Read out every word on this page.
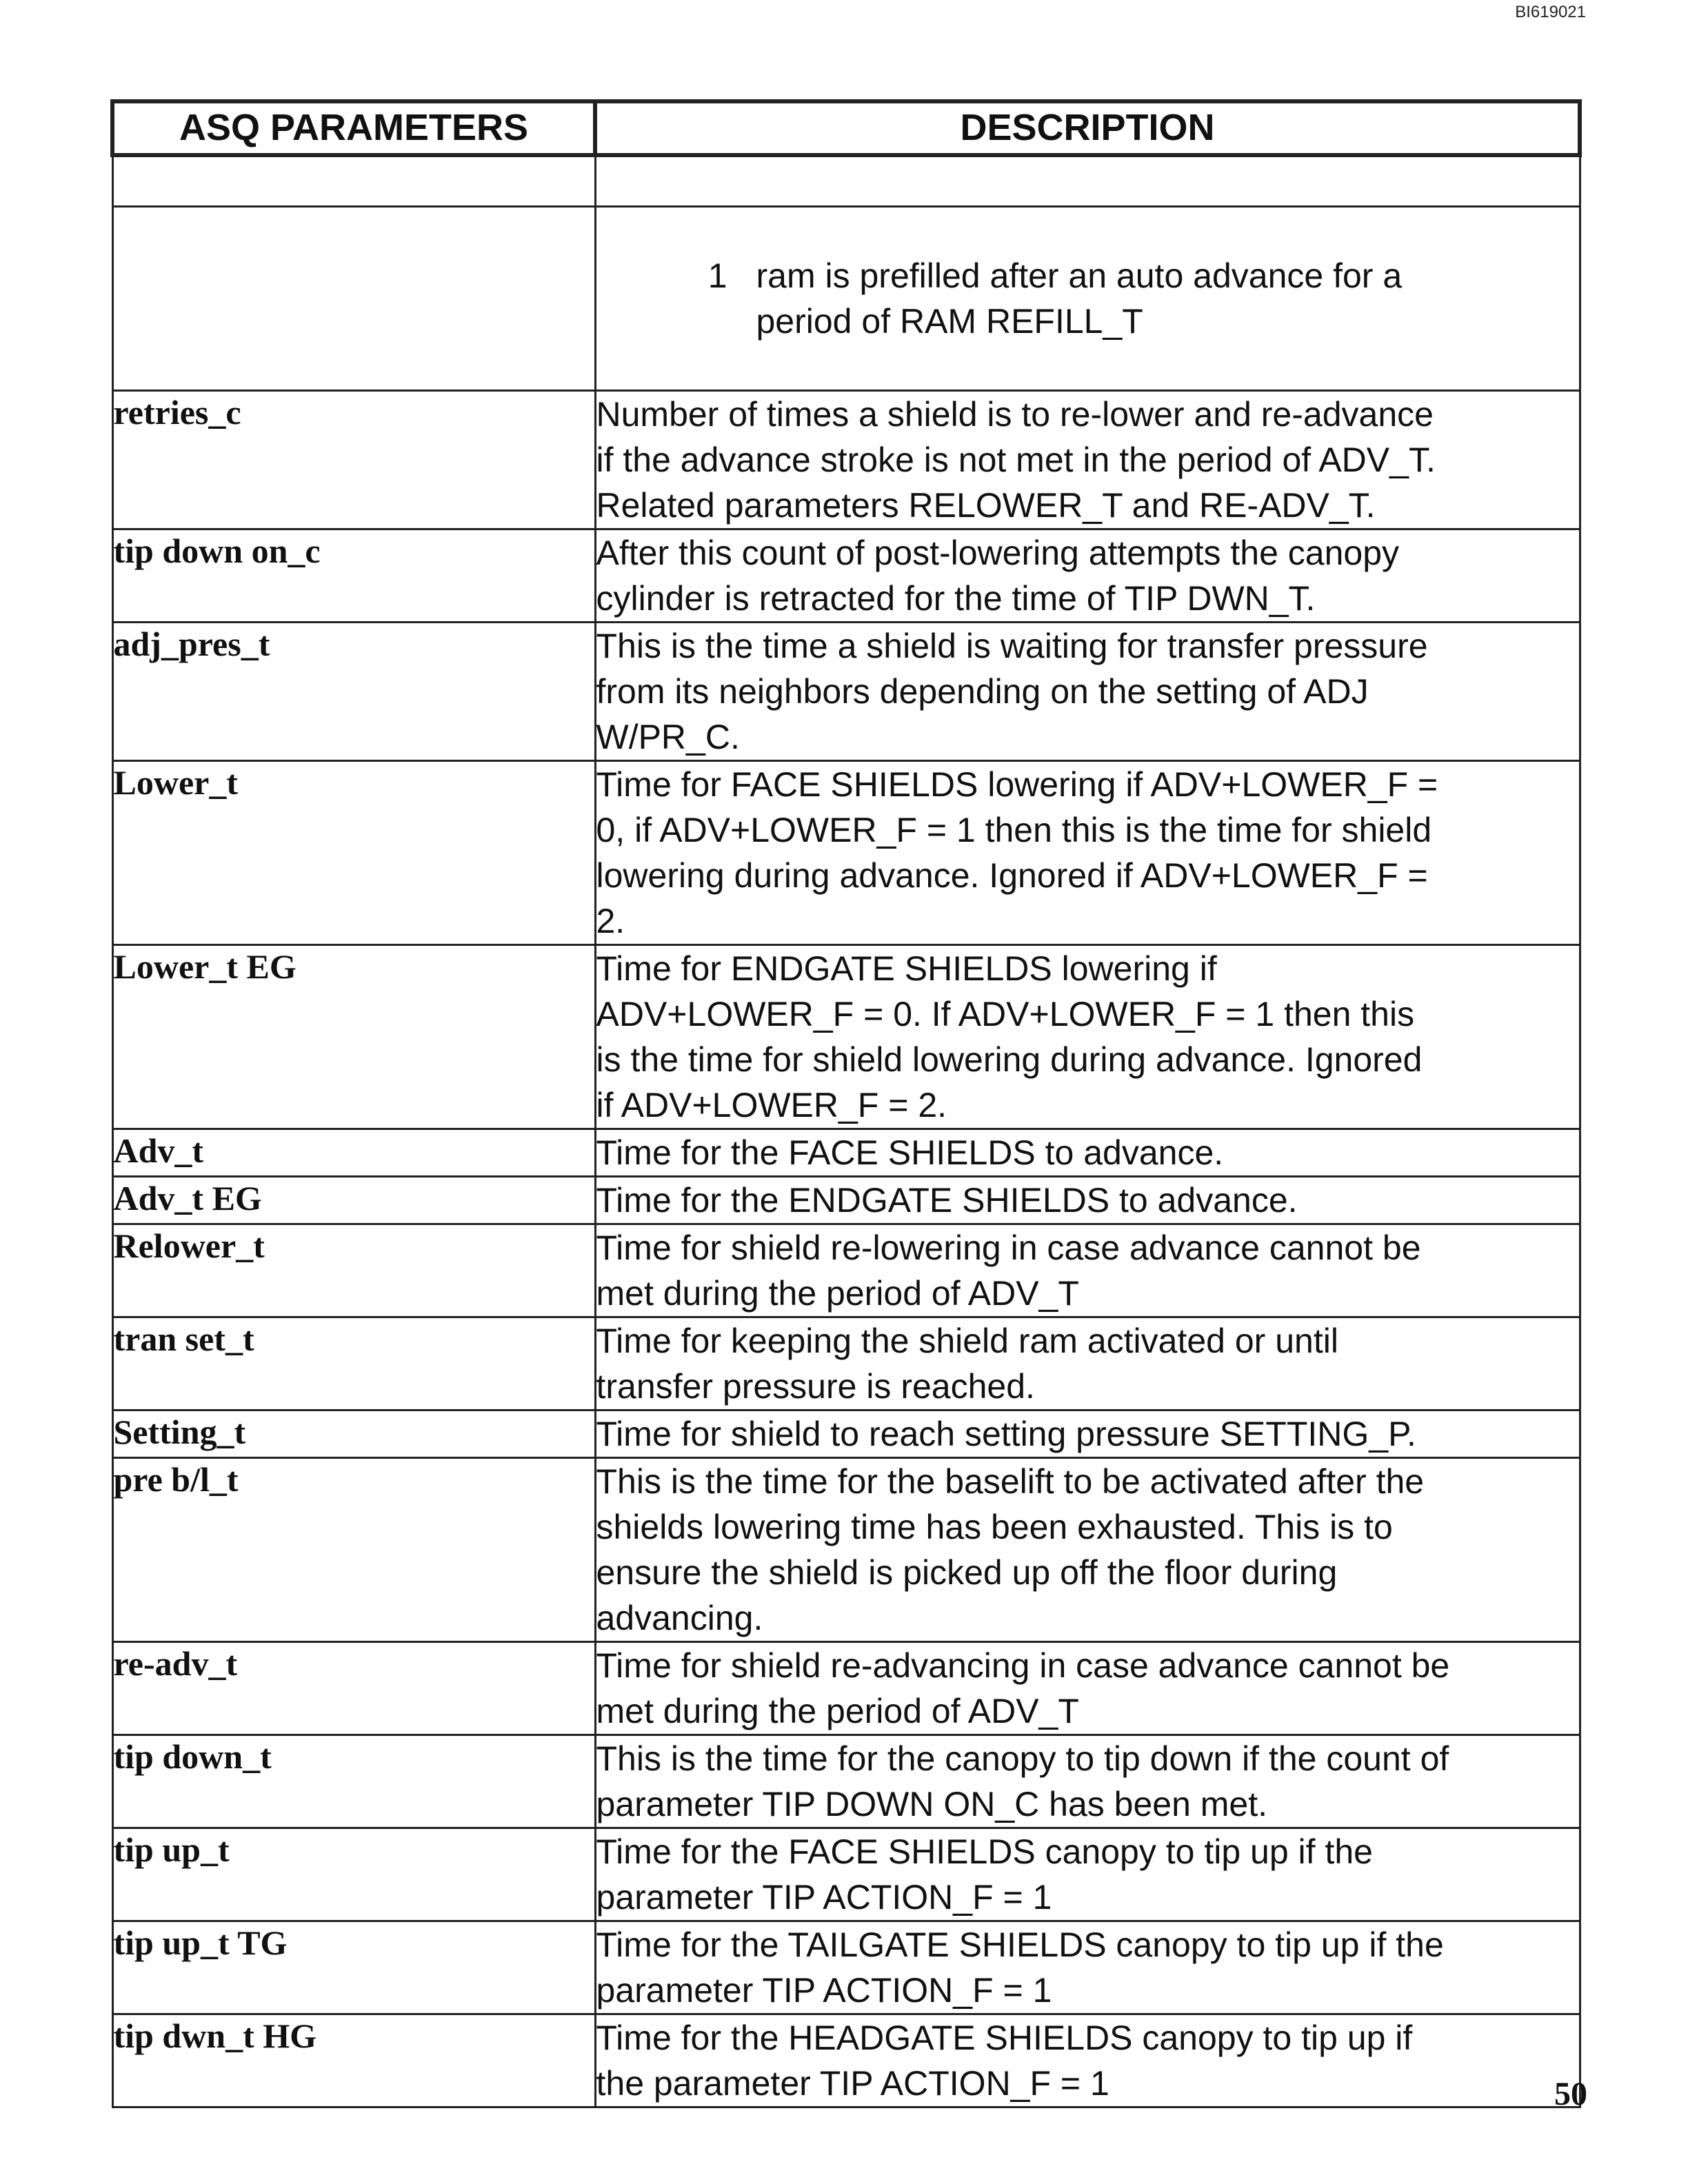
BI619021
ASQ PARAMETERS	DESCRIPTION

	1 ram is prefilled after an auto advance for a
period of RAM REFILL_T

retries_c	Number of times a shield is to re-lower and re-advance
if the advance stroke is not met in the period of ADV_T.
Related parameters RELOWER_T and RE-ADV_T.
tip down on_c	After this count of post-lowering attempts the canopy
cylinder is retracted for the time of TIP DWN_T.
adj_pres_t	This is the time a shield is waiting for transfer pressure
from its neighbors depending on the setting of ADJ
W/PR_C.
Lower_t	Time for FACE SHIELDS lowering if ADV+LOWER_F =
0, if ADV+LOWER_F = 1 then this is the time for shield
lowering during advance. Ignored if ADV+LOWER_F =
2.
Lower_t EG	Time for ENDGATE SHIELDS lowering if
ADV+LOWER_F = 0. If ADV+LOWER_F = 1 then this
is the time for shield lowering during advance. Ignored
if ADV+LOWER_F = 2.
Adv_t	Time for the FACE SHIELDS to advance.
Adv_t EG	Time for the ENDGATE SHIELDS to advance.
Relower_t	Time for shield re-lowering in case advance cannot be
met during the period of ADV_T
tran set_t	Time for keeping the shield ram activated or until
transfer pressure is reached.
Setting_t	Time for shield to reach setting pressure SETTING_P.
pre b/l_t	This is the time for the baselift to be activated after the
shields lowering time has been exhausted. This is to
ensure the shield is picked up off the floor during
advancing.
re-adv_t	Time for shield re-advancing in case advance cannot be
met during the period of ADV_T
tip down_t	This is the time for the canopy to tip down if the count of
parameter TIP DOWN ON_C has been met.
tip up_t	Time for the FACE SHIELDS canopy to tip up if the
parameter TIP ACTION_F = 1
tip up_t TG	Time for the TAILGATE SHIELDS canopy to tip up if the
parameter TIP ACTION_F = 1
tip dwn_t HG	Time for the HEADGATE SHIELDS canopy to tip up if
the parameter TIP ACTION_F = 1	50
